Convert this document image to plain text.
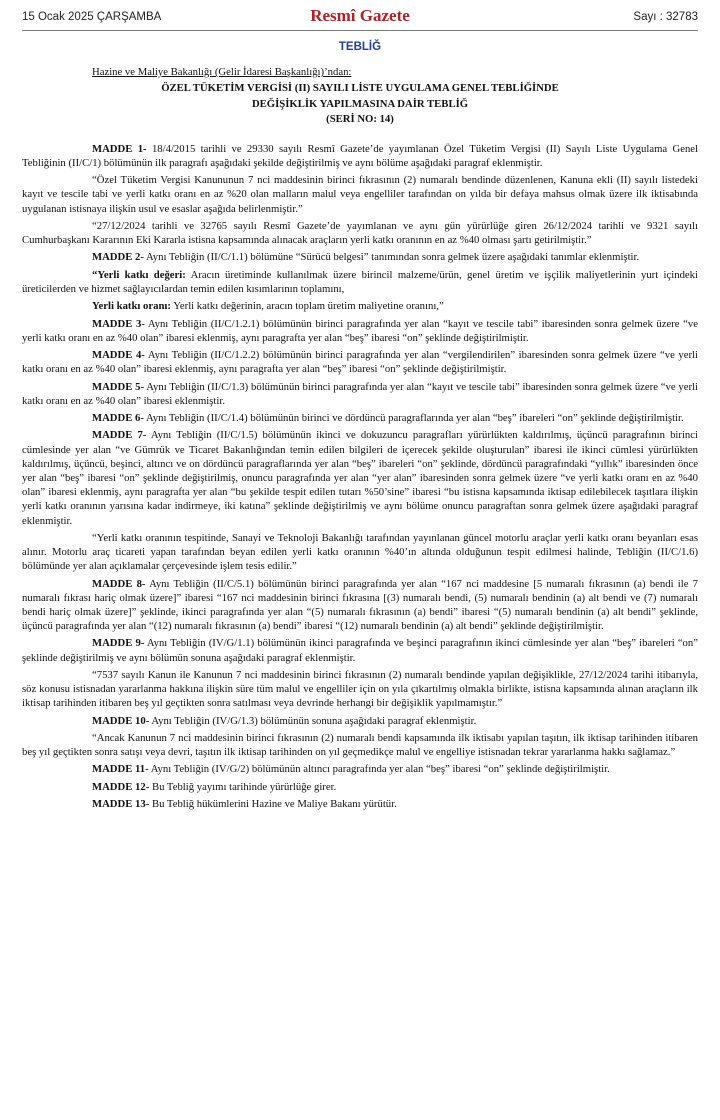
15 Ocak 2025 ÇARŞAMBA	Resmî Gazete	Sayı : 32783
TEBLİĞ
Hazine ve Maliye Bakanlığı (Gelir İdaresi Başkanlığı)’ndan:
ÖZEL TÜKETİM VERGİSİ (II) SAYILI LİSTE UYGULAMA GENEL TEBLİĞİNDE
DEĞİŞİKLİK YAPILMASINA DAİR TEBLİĞ
(SERİ NO: 14)

MADDE 1- 18/4/2015 tarihli ve 29330 sayılı Resmî Gazete’de yayımlanan Özel Tüketim Vergisi (II) Sayılı Liste Uygulama Genel Tebliğinin (II/C/1) bölümünün ilk paragrafı aşağıdaki şekilde değiştirilmiş ve aynı bölüme aşağıdaki paragraf eklenmiştir.

“Özel Tüketim Vergisi Kanununun 7 nci maddesinin birinci fıkrasının (2) numaralı bendinde düzenlenen, Kanuna ekli (II) sayılı listedeki kayıt ve tescile tabi ve yerli katkı oranı en az %20 olan malların malul veya engelliler tarafından on yılda bir defaya mahsus olmak üzere ilk iktisabında uygulanan istisnaya ilişkin usul ve esaslar aşağıda belirlenmiştir.”

“27/12/2024 tarihli ve 32765 sayılı Resmî Gazete’de yayımlanan ve aynı gün yürürlüğe giren 26/12/2024 tarihli ve 9321 sayılı Cumhurbaşkanı Kararının Eki Kararla istisna kapsamında alınacak araçların yerli katkı oranının en az %40 olması şartı getirilmiştir.”

MADDE 2- Aynı Tebliğin (II/C/1.1) bölümüne “Sürücü belgesi” tanımından sonra gelmek üzere aşağıdaki tanımlar eklenmiştir.

“Yerli katkı değeri: Aracın üretiminde kullanılmak üzere birincil malzeme/ürün, genel üretim ve işçilik maliyetlerinin yurt içindeki üreticilerden ve hizmet sağlayıcılardan temin edilen kısımlarının toplamını,

Yerli katkı oranı: Yerli katkı değerinin, aracın toplam üretim maliyetine oranını,”

MADDE 3- Aynı Tebliğin (II/C/1.2.1) bölümünün birinci paragrafında yer alan “kayıt ve tescile tabi” ibaresinden sonra gelmek üzere “ve yerli katkı oranı en az %40 olan” ibaresi eklenmiş, aynı paragrafta yer alan “beş” ibaresi “on” şeklinde değiştirilmiştir.

MADDE 4- Aynı Tebliğin (II/C/1.2.2) bölümünün birinci paragrafında yer alan “vergilendirilen” ibaresinden sonra gelmek üzere “ve yerli katkı oranı en az %40 olan” ibaresi eklenmiş, aynı paragrafta yer alan “beş” ibaresi “on” şeklinde değiştirilmiştir.

MADDE 5- Aynı Tebliğin (II/C/1.3) bölümünün birinci paragrafında yer alan “kayıt ve tescile tabi” ibaresinden sonra gelmek üzere “ve yerli katkı oranı en az %40 olan” ibaresi eklenmiştir.

MADDE 6- Aynı Tebliğin (II/C/1.4) bölümünün birinci ve dördüncü paragraflarında yer alan “beş” ibareleri “on” şeklinde değiştirilmiştir.

MADDE 7- Aynı Tebliğin (II/C/1.5) bölümünün ikinci ve dokuzuncu paragrafları yürürlükten kaldırılmış, üçüncü paragrafının birinci cümlesinde yer alan “ve Gümrük ve Ticaret Bakanlığından temin edilen bilgileri de içerecek şekilde oluşturulan” ibaresi ile ikinci cümlesi yürürlükten kaldırılmış, üçüncü, beşinci, altıncı ve on dördüncü paragraflarında yer alan “beş” ibareleri “on” şeklinde, dördüncü paragrafındaki “yıllık” ibaresinden önce yer alan “beş” ibaresi “on” şeklinde değiştirilmiş, onuncu paragrafında yer alan “yer alan” ibaresinden sonra gelmek üzere “ve yerli katkı oranı en az %40 olan” ibaresi eklenmiş, aynı paragrafta yer alan “bu şekilde tespit edilen tutarı %50’sine” ibaresi “bu istisna kapsamında iktisap edilebilecek taşıtlara ilişkin yerli katkı oranının yarısına kadar indirmeye, iki katına” şeklinde değiştirilmiş ve aynı bölüme onuncu paragraftan sonra gelmek üzere aşağıdaki paragraf eklenmiştir.

“Yerli katkı oranının tespitinde, Sanayi ve Teknoloji Bakanlığı tarafından yayınlanan güncel motorlu araçlar yerli katkı oranı beyanları esas alınır. Motorlu araç ticareti yapan tarafından beyan edilen yerli katkı oranının %40’ın altında olduğunun tespit edilmesi halinde, Tebliğin (II/C/1.6) bölümünde yer alan açıklamalar çerçevesinde işlem tesis edilir.”

MADDE 8- Aynı Tebliğin (II/C/5.1) bölümünün birinci paragrafında yer alan “167 nci maddesine [5 numaralı fıkrasının (a) bendi ile 7 numaralı fıkrası hariç olmak üzere]” ibaresi “167 nci maddesinin birinci fıkrasına [(3) numaralı bendi, (5) numaralı bendinin (a) alt bendi ve (7) numaralı bendi hariç olmak üzere]” şeklinde, ikinci paragrafında yer alan “(5) numaralı fıkrasının (a) bendi” ibaresi “(5) numaralı bendinin (a) alt bendi” şeklinde, üçüncü paragrafında yer alan “(12) numaralı fıkrasının (a) bendi” ibaresi “(12) numaralı bendinin (a) alt bendi” şeklinde değiştirilmiştir.

MADDE 9- Aynı Tebliğin (IV/G/1.1) bölümünün ikinci paragrafında ve beşinci paragrafının ikinci cümlesinde yer alan “beş” ibareleri “on” şeklinde değiştirilmiş ve aynı bölümün sonuna aşağıdaki paragraf eklenmiştir.

“7537 sayılı Kanun ile Kanunun 7 nci maddesinin birinci fıkrasının (2) numaralı bendinde yapılan değişiklikle, 27/12/2024 tarihi itibarıyla, söz konusu istisnadan yararlanma hakkına ilişkin süre tüm malul ve engelliler için on yıla çıkartılmış olmakla birlikte, istisna kapsamında alınan araçların ilk iktisap tarihinden itibaren beş yıl geçtikten sonra satılması veya devrinde herhangi bir değişiklik yapılmamıştır.”

MADDE 10- Aynı Tebliğin (IV/G/1.3) bölümünün sonuna aşağıdaki paragraf eklenmiştir.

“Ancak Kanunun 7 nci maddesinin birinci fıkrasının (2) numaralı bendi kapsamında ilk iktisabı yapılan taşıtın, ilk iktisap tarihinden itibaren beş yıl geçtikten sonra satışı veya devri, taşıtın ilk iktisap tarihinden on yıl geçmedikçe malul ve engelliye istisnadan tekrar yararlanma hakkı sağlamaz.”

MADDE 11- Aynı Tebliğin (IV/G/2) bölümünün altıncı paragrafında yer alan “beş” ibaresi “on” şeklinde değiştirilmiştir.

MADDE 12- Bu Tebliğ yayımı tarihinde yürürlüğe girer.

MADDE 13- Bu Tebliğ hükümlerini Hazine ve Maliye Bakanı yürütür.
